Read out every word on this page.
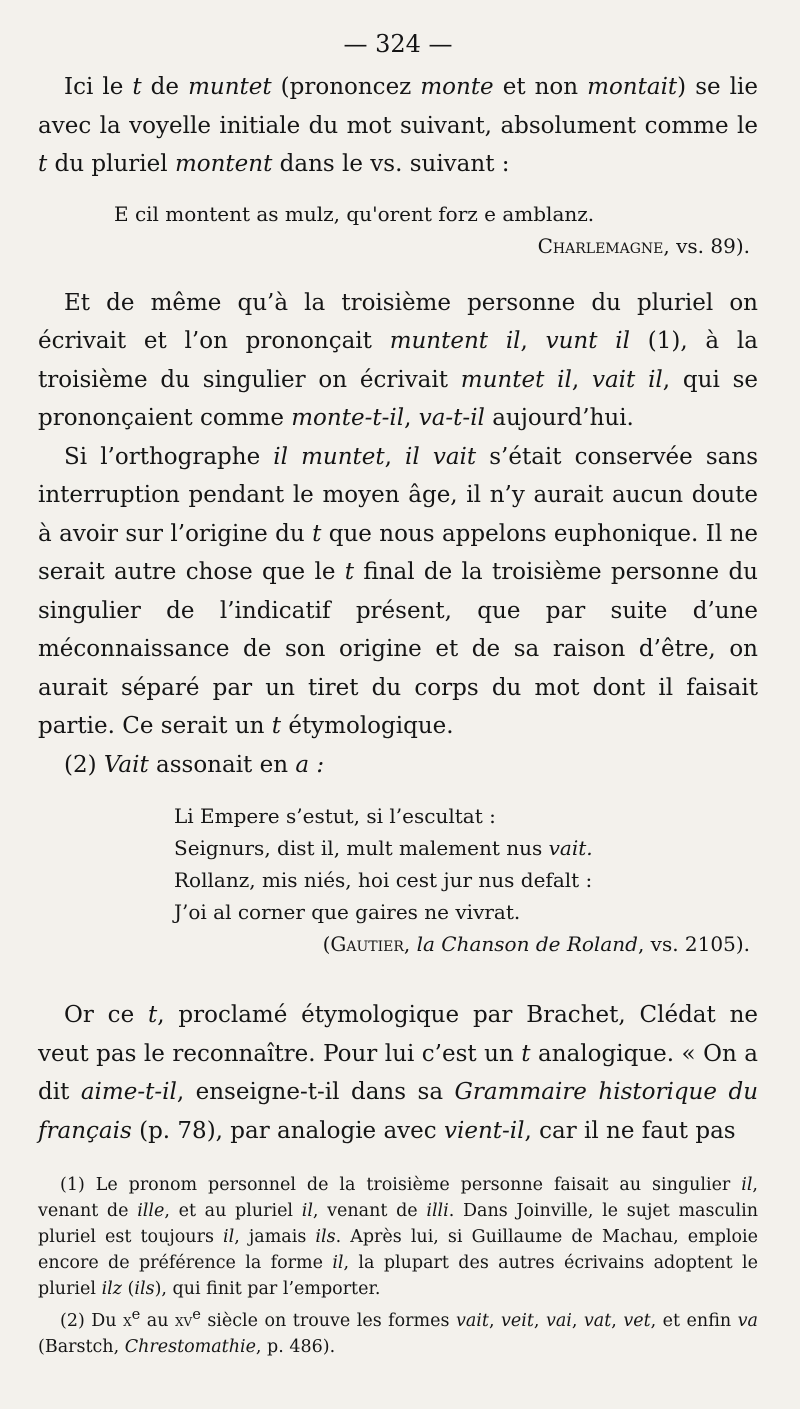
— 324 —

Ici le t de muntet (prononcez monte et non montait) se lie avec la voyelle initiale du mot suivant, absolument comme le t du pluriel montent dans le vs. suivant :

E cil montent as mulz, qu'orent forz e amblanz.

Charlemagne, vs. 89).

Et de même qu’à la troisième personne du pluriel on écrivait et l’on prononçait muntent il, vunt il (1), à la troisième du singulier on écrivait muntet il, vait il, qui se prononçaient comme monte-t-il, va-t-il aujourd’hui.

Si l’orthographe il muntet, il vait s’était conservée sans interruption pendant le moyen âge, il n’y aurait aucun doute à avoir sur l’origine du t que nous appelons euphonique. Il ne serait autre chose que le t final de la troisième personne du singulier de l’indicatif présent, que par suite d’une méconnaissance de son origine et de sa raison d’être, on aurait séparé par un tiret du corps du mot dont il faisait partie. Ce serait un t étymologique.

(2) Vait assonait en a :

Li Empere s’estut, si l’escultat :
Seignurs, dist il, mult malement nus vait.
Rollanz, mis niés, hoi cest jur nus defalt :
J’oi al corner que gaires ne vivrat.

(Gautier, la Chanson de Roland, vs. 2105).

Or ce t, proclamé étymologique par Brachet, Clédat ne veut pas le reconnaître. Pour lui c’est un t analogique. « On a dit aime-t-il, enseigne-t-il dans sa Grammaire historique du français (p. 78), par analogie avec vient-il, car il ne faut pas

(1) Le pronom personnel de la troisième personne faisait au singulier il, venant de ille, et au pluriel il, venant de illi. Dans Joinville, le sujet masculin pluriel est toujours il, jamais ils. Après lui, si Guillaume de Machau, emploie encore de préférence la forme il, la plupart des autres écrivains adoptent le pluriel ilz (ils), qui finit par l’emporter.

(2) Du $x^e$ au $xv^e$ siècle on trouve les formes vait, veit, vai, vat, vet, et enfin va (Barstch, Chrestomathie, p. 486).
